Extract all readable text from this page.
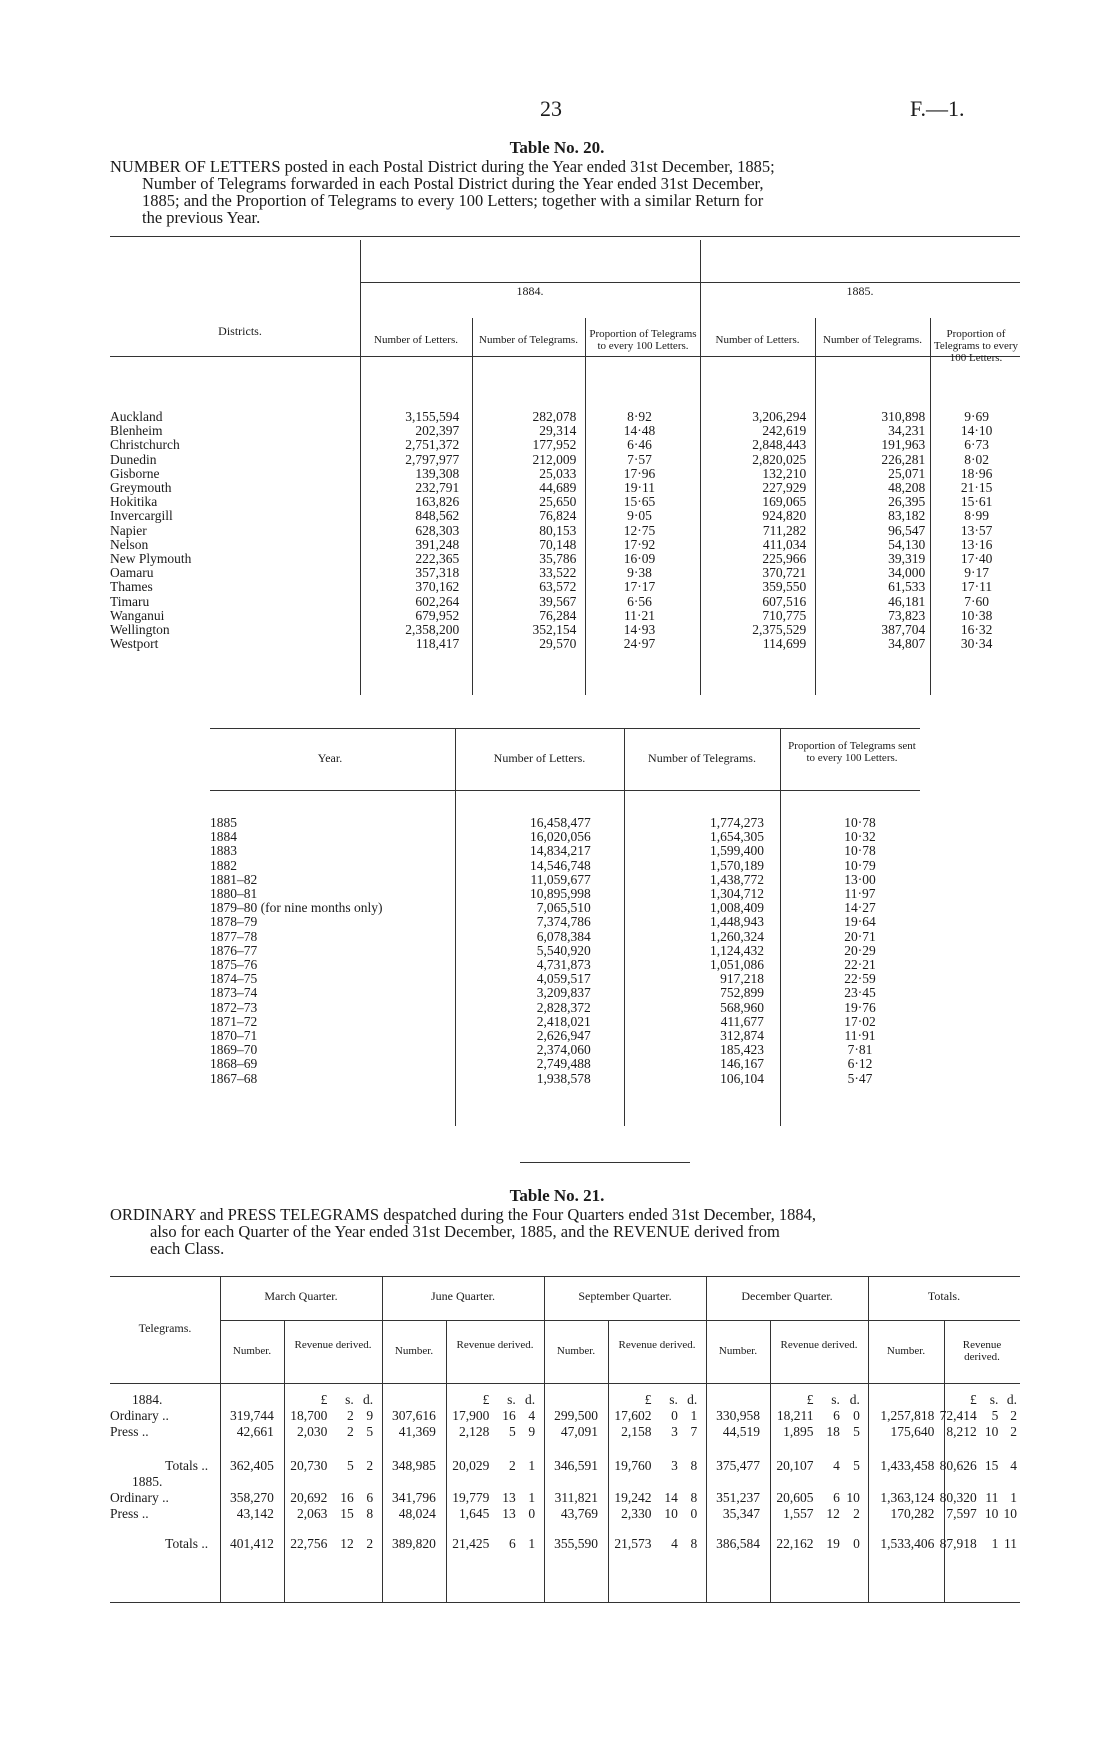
23	F.—1.
Table No. 20.
NUMBER OF LETTERS posted in each Postal District during the Year ended 31st December, 1885;
Number of Telegrams forwarded in each Postal District during the Year ended 31st December,
1885; and the Proportion of Telegrams to every 100 Letters; together with a similar Return for
the previous Year.
1884.	1885.
Districts.
Number of Letters.	Number of Telegrams.	Proportion of Telegrams to every 100 Letters.	Number of Letters.	Number of Telegrams.	Proportion of Telegrams to every 100 Letters.
Auckland	3,155,594	282,078	8·92	3,206,294	310,898	9·69
Blenheim	202,397	29,314	14·48	242,619	34,231	14·10
Christchurch	2,751,372	177,952	6·46	2,848,443	191,963	6·73
Dunedin	2,797,977	212,009	7·57	2,820,025	226,281	8·02
Gisborne	139,308	25,033	17·96	132,210	25,071	18·96
Greymouth	232,791	44,689	19·11	227,929	48,208	21·15
Hokitika	163,826	25,650	15·65	169,065	26,395	15·61
Invercargill	848,562	76,824	9·05	924,820	83,182	8·99
Napier	628,303	80,153	12·75	711,282	96,547	13·57
Nelson	391,248	70,148	17·92	411,034	54,130	13·16
New Plymouth	222,365	35,786	16·09	225,966	39,319	17·40
Oamaru	357,318	33,522	9·38	370,721	34,000	9·17
Thames	370,162	63,572	17·17	359,550	61,533	17·11
Timaru	602,264	39,567	6·56	607,516	46,181	7·60
Wanganui	679,952	76,284	11·21	710,775	73,823	10·38
Wellington	2,358,200	352,154	14·93	2,375,529	387,704	16·32
Westport	118,417	29,570	24·97	114,699	34,807	30·34
Year.	Number of Letters.	Number of Telegrams.
Proportion of Telegrams sent to every 100 Letters.
1885	16,458,477	1,774,273	10·78
1884	16,020,056	1,654,305	10·32
1883	14,834,217	1,599,400	10·78
1882	14,546,748	1,570,189	10·79
1881–82	11,059,677	1,438,772	13·00
1880–81	10,895,998	1,304,712	11·97
1879–80 (for nine months only)	7,065,510	1,008,409	14·27
1878–79	7,374,786	1,448,943	19·64
1877–78	6,078,384	1,260,324	20·71
1876–77	5,540,920	1,124,432	20·29
1875–76	4,731,873	1,051,086	22·21
1874–75	4,059,517	917,218	22·59
1873–74	3,209,837	752,899	23·45
1872–73	2,828,372	568,960	19·76
1871–72	2,418,021	411,677	17·02
1870–71	2,626,947	312,874	11·91
1869–70	2,374,060	185,423	7·81
1868–69	2,749,488	146,167	6·12
1867–68	1,938,578	106,104	5·47
Table No. 21.
ORDINARY and PRESS TELEGRAMS despatched during the Four Quarters ended 31st December, 1884,
also for each Quarter of the Year ended 31st December, 1885, and the REVENUE derived from
each Class.
Telegrams.
March Quarter.
Number.	Revenue derived.
June Quarter.
Number.	Revenue derived.
September Quarter.
Number.	Revenue derived.
December Quarter.
Number.	Revenue derived.
Totals.
Number.	Revenue derived.
1884.		£	s.	d.		£	s.	d.		£	s.	d.		£	s.	d.		£	s.	d.
Ordinary ..	319,744	18,700	2	9	307,616	17,900	16	4	299,500	17,602	0	1	330,958	18,211	6	0	1,257,818	72,414	5	2
Press ..	42,661	2,030	2	5	41,369	2,128	5	9	47,091	2,158	3	7	44,519	1,895	18	5	175,640	8,212	10	2
Totals ..	362,405	20,730	5	2	348,985	20,029	2	1	346,591	19,760	3	8	375,477	20,107	4	5	1,433,458	80,626	15	4
1885.																				
Ordinary ..	358,270	20,692	16	6	341,796	19,779	13	1	311,821	19,242	14	8	351,237	20,605	6	10	1,363,124	80,320	11	1
Press ..	43,142	2,063	15	8	48,024	1,645	13	0	43,769	2,330	10	0	35,347	1,557	12	2	170,282	7,597	10	10
Totals ..	401,412	22,756	12	2	389,820	21,425	6	1	355,590	21,573	4	8	386,584	22,162	19	0	1,533,406	87,918	1	11
